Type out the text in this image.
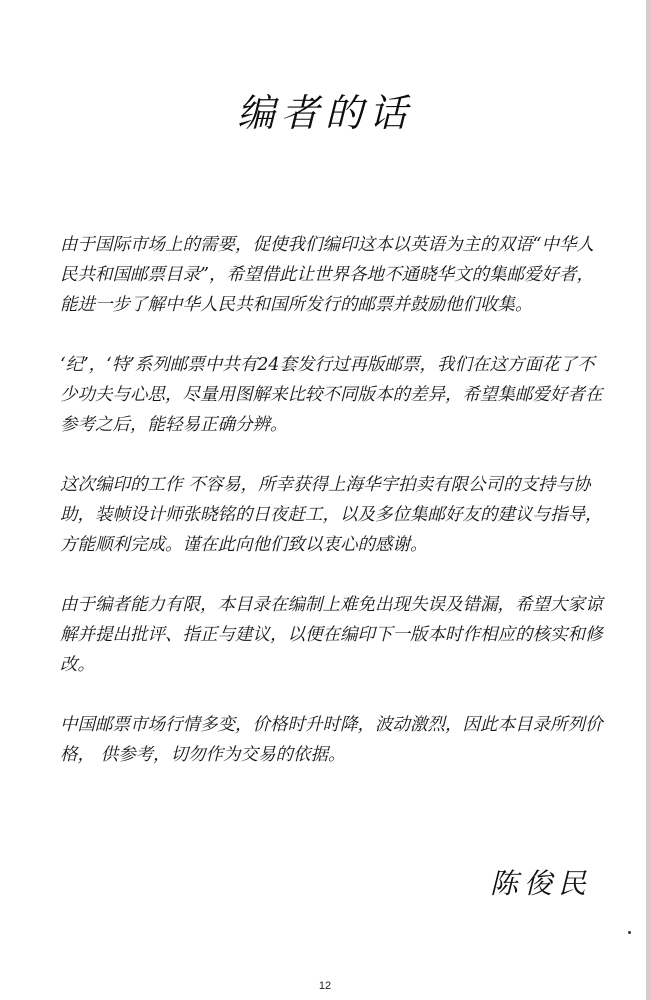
编者的话

由于国际市场上的需要，促使我们编印这本以英语为主的双语“中华人民共和国邮票目录”，希望借此让世界各地不通晓华文的集邮爱好者，能进一步了解中华人民共和国所发行的邮票并鼓励他们收集。

‘纪’，‘特’系列邮票中共有24套发行过再版邮票，我们在这方面花了不少功夫与心思，尽量用图解来比较不同版本的差异，希望集邮爱好者在参考之后，能轻易正确分辨。

这次编印的工作 不容易，所幸获得上海华宇拍卖有限公司的支持与协助，装帧设计师张晓铭的日夜赶工，以及多位集邮好友的建议与指导，方能顺利完成。谨在此向他们致以衷心的感谢。

由于编者能力有限，本目录在编制上难免出现失误及错漏，希望大家谅解并提出批评、指正与建议，以便在编印下一版本时作相应的核实和修改。

中国邮票市场行情多变，价格时升时降，波动激烈，因此本目录所列价格， 供参考，切勿作为交易的依据。

陈俊民
12
